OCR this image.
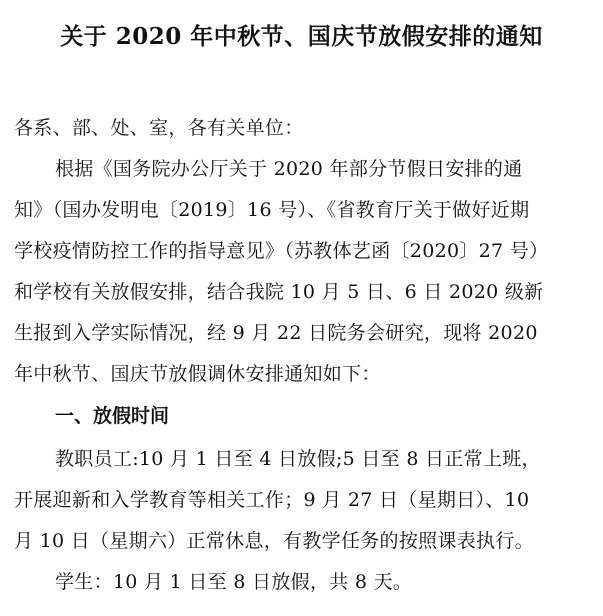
关于 2020 年中秋节、国庆节放假安排的通知
各系、部、处、室，各有关单位：
根据《国务院办公厅关于 2020 年部分节假日安排的通
知》（国办发明电〔2019〕16 号）、《省教育厅关于做好近期
学校疫情防控工作的指导意见》（苏教体艺函〔2020〕27 号）
和学校有关放假安排，结合我院 10 月 5 日、6 日 2020 级新
生报到入学实际情况，经 9 月 22 日院务会研究，现将 2020
年中秋节、国庆节放假调休安排通知如下：
一、放假时间
教职员工:10 月 1 日至 4 日放假;5 日至 8 日正常上班，
开展迎新和入学教育等相关工作；9 月 27 日（星期日）、10
月 10 日（星期六）正常休息，有教学任务的按照课表执行。
学生：10 月 1 日至 8 日放假，共 8 天。
